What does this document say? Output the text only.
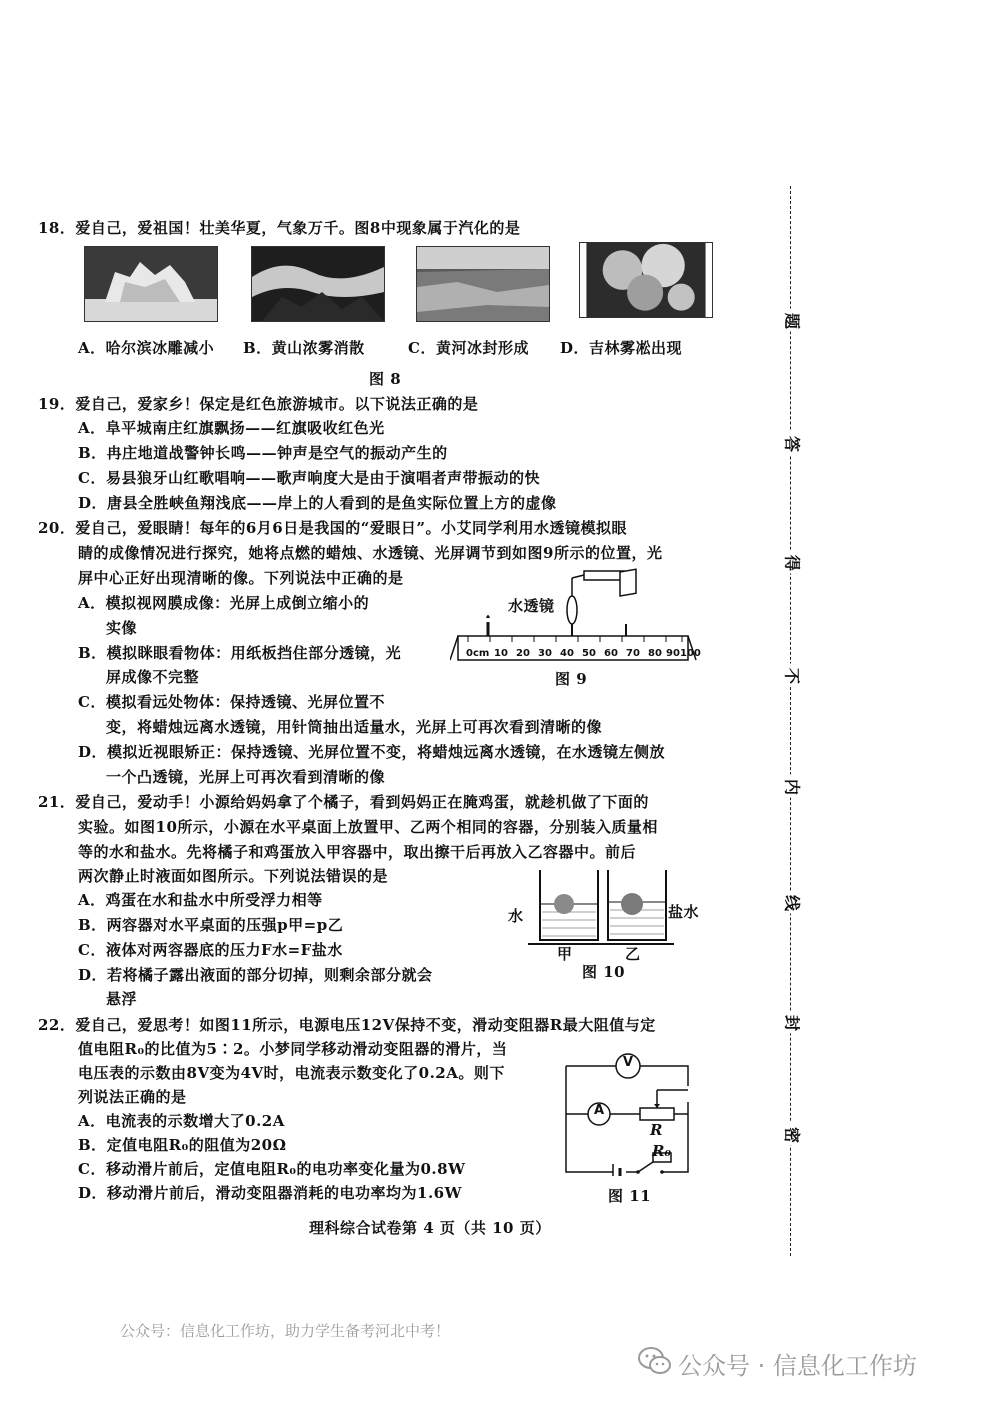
18．爱自己，爱祖国！壮美华夏，气象万千。图8中现象属于汽化的是
A．哈尔滨冰雕减小 B．黄山浓雾消散	C．黄河冰封形成 D．吉林雾凇出现
图 8
19．爱自己，爱家乡！保定是红色旅游城市。以下说法正确的是
A．阜平城南庄红旗飘扬——红旗吸收红色光
B．冉庄地道战警钟长鸣——钟声是空气的振动产生的
C．易县狼牙山红歌唱响——歌声响度大是由于演唱者声带振动的快
D．唐县全胜峡鱼翔浅底——岸上的人看到的是鱼实际位置上方的虚像
20．爱自己，爱眼睛！每年的6月6日是我国的“爱眼日”。小艾同学利用水透镜模拟眼
睛的成像情况进行探究，她将点燃的蜡烛、水透镜、光屏调节到如图9所示的位置，光
屏中心正好出现清晰的像。下列说法中正确的是
A．模拟视网膜成像：光屏上成倒立缩小的
实像
B．模拟眯眼看物体：用纸板挡住部分透镜，光
屏成像不完整
C．模拟看远处物体：保持透镜、光屏位置不
变，将蜡烛远离水透镜，用针筒抽出适量水，光屏上可再次看到清晰的像
D．模拟近视眼矫正：保持透镜、光屏位置不变，将蜡烛远离水透镜，在水透镜左侧放
一个凸透镜，光屏上可再次看到清晰的像
水透镜
0cm 10 20 30 40 50 60 70 80 90 100
图 9
21．爱自己，爱动手！小源给妈妈拿了个橘子，看到妈妈正在腌鸡蛋，就趁机做了下面的
实验。如图10所示，小源在水平桌面上放置甲、乙两个相同的容器，分别装入质量相
等的水和盐水。先将橘子和鸡蛋放入甲容器中，取出擦干后再放入乙容器中。前后
两次静止时液面如图所示。下列说法错误的是
A．鸡蛋在水和盐水中所受浮力相等
B．两容器对水平桌面的压强p甲=p乙
C．液体对两容器底的压力F水=F盐水
D．若将橘子露出液面的部分切掉，则剩余部分就会
悬浮
水	盐水
甲	乙
图 10
22．爱自己，爱思考！如图11所示，电源电压12V保持不变，滑动变阻器R最大阻值与定
值电阻R₀的比值为5∶2。小梦同学移动滑动变阻器的滑片，当
电压表的示数由8V变为4V时，电流表示数变化了0.2A。则下
列说法正确的是
A．电流表的示数增大了0.2A
B．定值电阻R₀的阻值为20Ω
C．移动滑片前后，定值电阻R₀的电功率变化量为0.8W
D．移动滑片前后，滑动变阻器消耗的电功率均为1.6W
V
A
R
R₀
图 11
理科综合试卷第 4 页（共 10 页）
题
答
得
不
内
线
封
密
公众号：信息化工作坊，助力学生备考河北中考！
公众号 · 信息化工作坊
